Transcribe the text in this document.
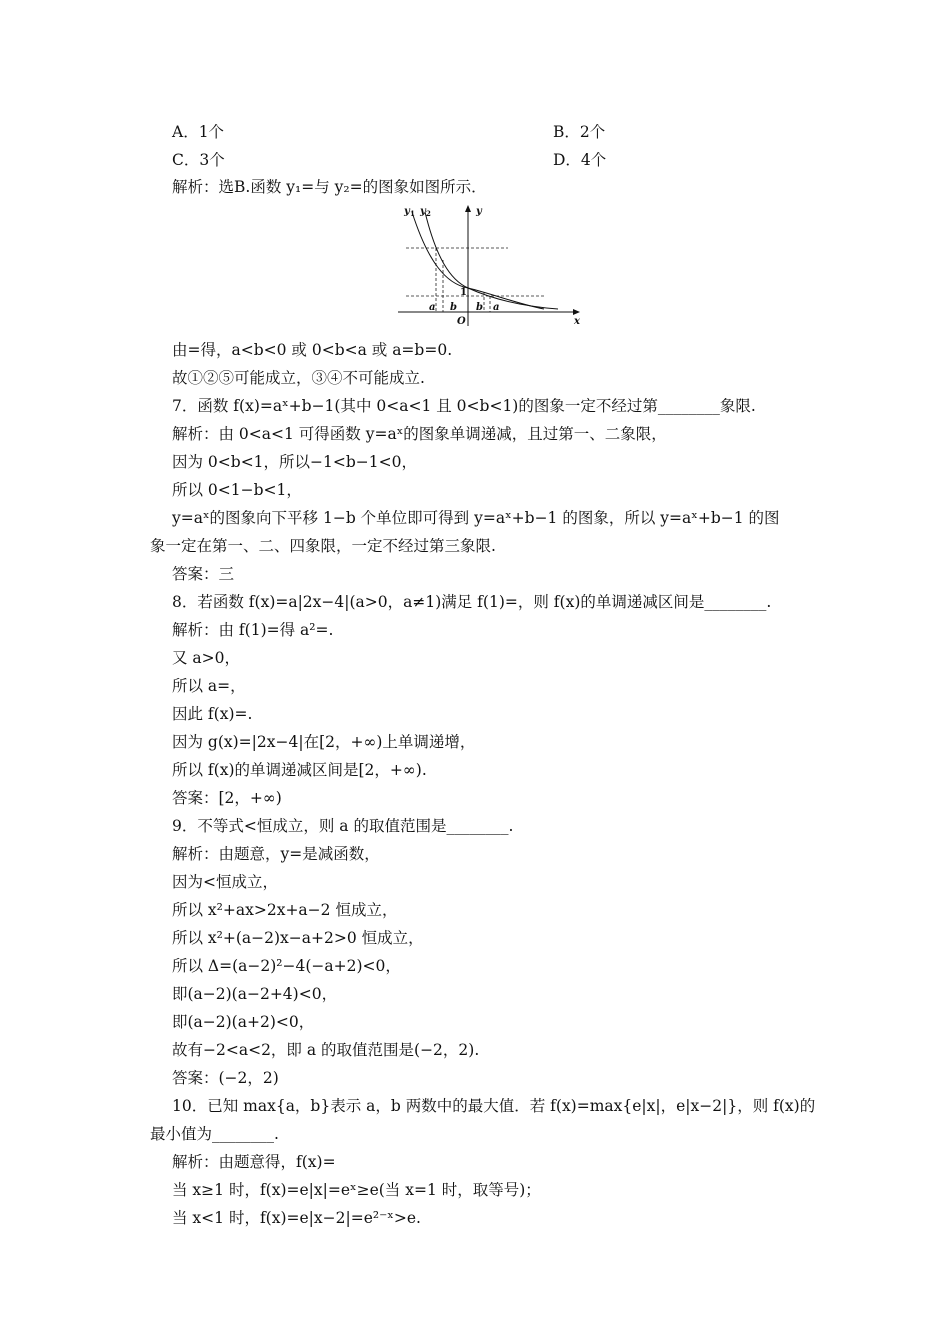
A．1个	B．2个
C．3个	D．4个
解析：选B.函数 y₁=与 y₂=的图象如图所示．
y 1 y 2	y
x
O
1
a b b a
由=得，a<b<0 或 0<b<a 或 a=b=0.
故①②⑤可能成立，③④不可能成立.
7．函数 f(x)=aˣ+b−1(其中 0<a<1 且 0<b<1)的图象一定不经过第________象限.
解析：由 0<a<1 可得函数 y=aˣ的图象单调递减，且过第一、二象限，
因为 0<b<1，所以−1<b−1<0，
所以 0<1−b<1，
y=aˣ的图象向下平移 1−b 个单位即可得到 y=aˣ+b−1 的图象，所以 y=aˣ+b−1 的图
象一定在第一、二、四象限，一定不经过第三象限.
答案：三
8．若函数 f(x)=a|2x−4|(a>0，a≠1)满足 f(1)=，则 f(x)的单调递减区间是________.
解析：由 f(1)=得 a²=.
又 a>0，
所以 a=，
因此 f(x)=.
因为 g(x)=|2x−4|在[2，+∞)上单调递增，
所以 f(x)的单调递减区间是[2，+∞).
答案：[2，+∞)
9．不等式<恒成立，则 a 的取值范围是________.
解析：由题意，y=是减函数，
因为<恒成立，
所以 x²+ax>2x+a−2 恒成立，
所以 x²+(a−2)x−a+2>0 恒成立，
所以 Δ=(a−2)²−4(−a+2)<0，
即(a−2)(a−2+4)<0，
即(a−2)(a+2)<0，
故有−2<a<2，即 a 的取值范围是(−2，2).
答案：(−2，2)
10．已知 max{a，b}表示 a，b 两数中的最大值．若 f(x)=max{e|x|，e|x−2|}，则 f(x)的
最小值为________.
解析：由题意得，f(x)=
当 x≥1 时，f(x)=e|x|=eˣ≥e(当 x=1 时，取等号)；
当 x<1 时，f(x)=e|x−2|=e²⁻ˣ>e.
